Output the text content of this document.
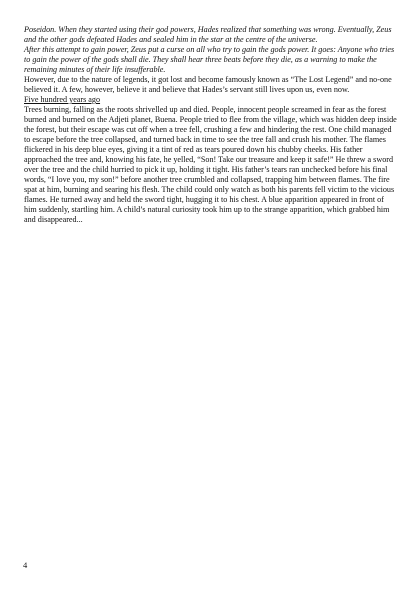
Poseidon. When they started using their god powers, Hades realized that something was wrong. Eventually, Zeus and the other gods defeated Hades and sealed him in the star at the centre of the universe.

After this attempt to gain power, Zeus put a curse on all who try to gain the gods power. It goes: Anyone who tries to gain the power of the gods shall die. They shall hear three beats before they die, as a warning to make the remaining minutes of their life insufferable.

However, due to the nature of legends, it got lost and become famously known as “The Lost Legend” and no-one believed it. A few, however, believe it and believe that Hades’s servant still lives upon us, even now.

Five hundred years ago

Trees burning, falling as the roots shrivelled up and died. People, innocent people screamed in fear as the forest burned and burned on the Adjeti planet, Buena. People tried to flee from the village, which was hidden deep inside the forest, but their escape was cut off when a tree fell, crushing a few and hindering the rest. One child managed to escape before the tree collapsed, and turned back in time to see the tree fall and crush his mother. The flames flickered in his deep blue eyes, giving it a tint of red as tears poured down his chubby cheeks. His father approached the tree and, knowing his fate, he yelled, “Son! Take our treasure and keep it safe!” He threw a sword over the tree and the child hurried to pick it up, holding it tight. His father’s tears ran unchecked before his final words, “I love you, my son!” before another tree crumbled and collapsed, trapping him between flames. The fire spat at him, burning and searing his flesh. The child could only watch as both his parents fell victim to the vicious flames. He turned away and held the sword tight, hugging it to his chest. A blue apparition appeared in front of him suddenly, startling him. A child’s natural curiosity took him up to the strange apparition, which grabbed him and disappeared...

4
